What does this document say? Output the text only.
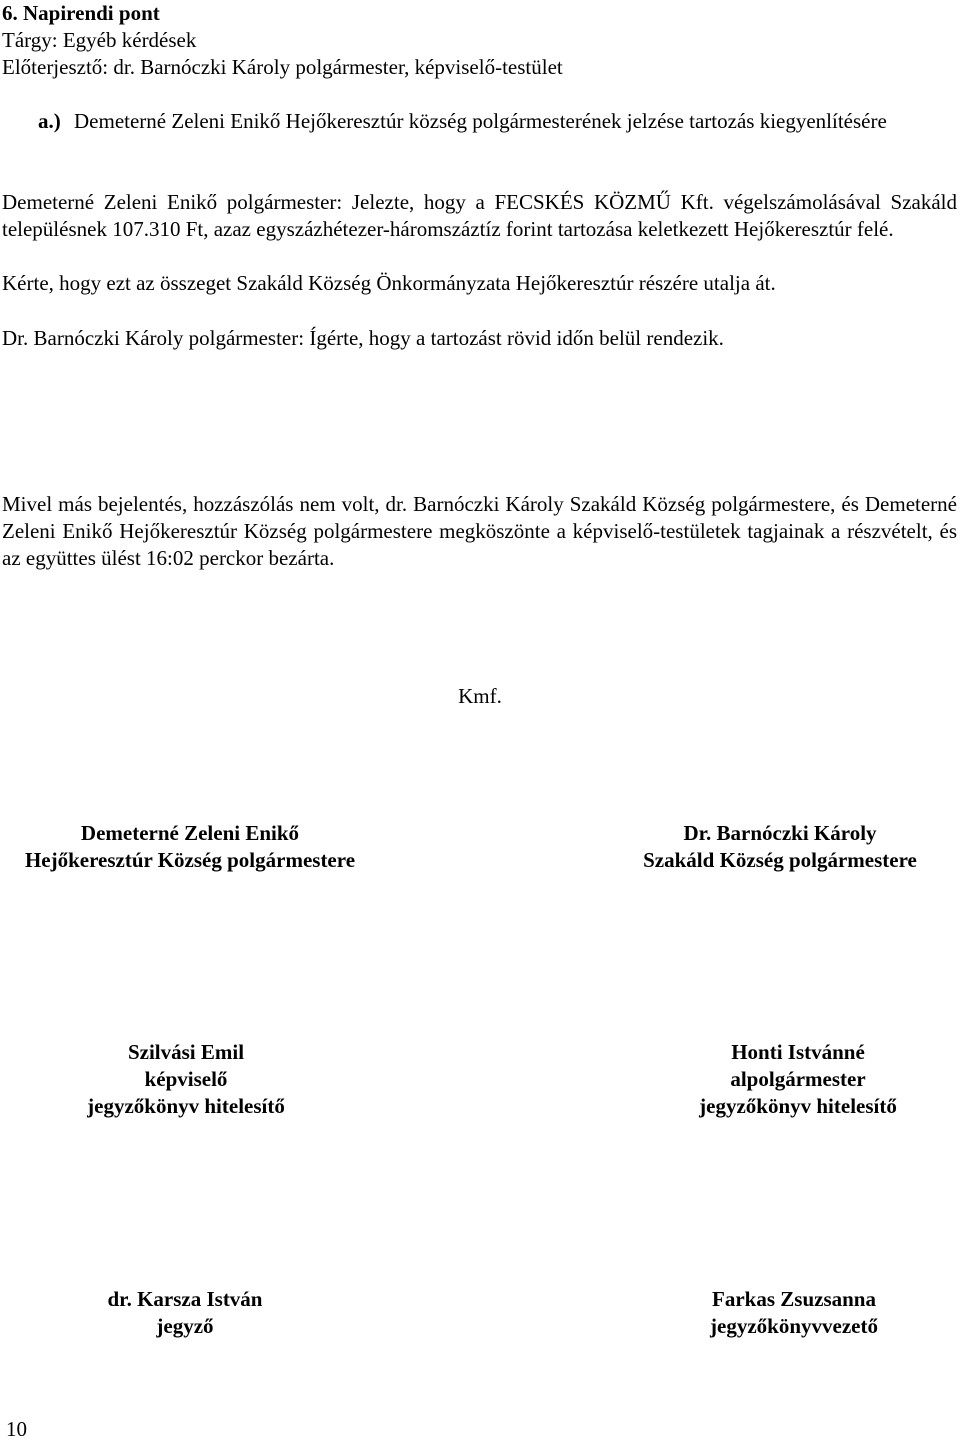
6. Napirendi pont
Tárgy: Egyéb kérdések
Előterjesztő: dr. Barnóczki Károly polgármester, képviselő-testület
a.) Demeterné Zeleni Enikő Hejőkeresztúr község polgármesterének jelzése tartozás kiegyenlítésére
Demeterné Zeleni Enikő polgármester: Jelezte, hogy a FECSKÉS KÖZMŰ Kft. végelszámolásával Szakáld településnek 107.310 Ft, azaz egyszázhétezer-háromszáztíz forint tartozása keletkezett Hejőkeresztúr felé.
Kérte, hogy ezt az összeget Szakáld Község Önkormányzata Hejőkeresztúr részére utalja át.
Dr. Barnóczki Károly polgármester: Ígérte, hogy a tartozást rövid időn belül rendezik.
Mivel más bejelentés, hozzászólás nem volt, dr. Barnóczki Károly Szakáld Község polgármestere, és Demeterné Zeleni Enikő Hejőkeresztúr Község polgármestere megköszönte a képviselő-testületek tagjainak a részvételt, és az együttes ülést 16:02 perckor bezárta.
Kmf.
Demeterné Zeleni Enikő
Hejőkeresztúr Község polgármestere
Dr. Barnóczki Károly
Szakáld Község polgármestere
Szilvási Emil
képviselő
jegyzőkönyv hitelesítő
Honti Istvánné
alpolgármester
jegyzőkönyv hitelesítő
dr. Karsza István
jegyző
Farkas Zsuzsanna
jegyzőkönyvvezető
10
